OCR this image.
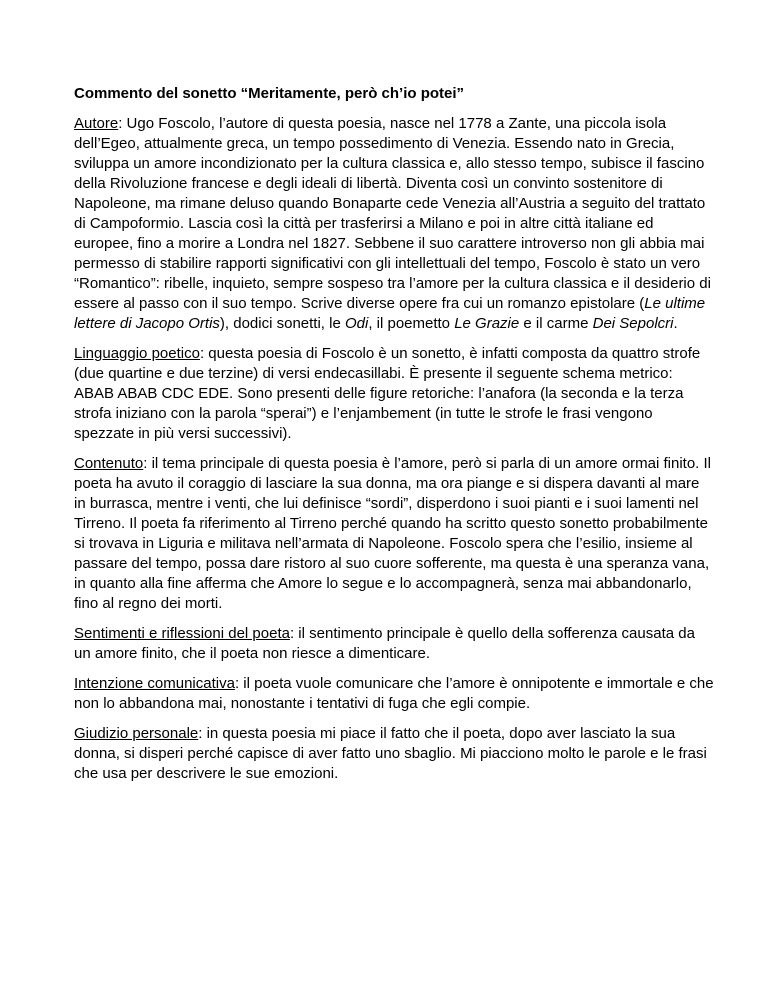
Commento del sonetto “Meritamente, però ch’io potei”
Autore: Ugo Foscolo, l’autore di questa poesia, nasce nel 1778 a Zante, una piccola isola dell’Egeo, attualmente greca, un tempo possedimento di Venezia. Essendo nato in Grecia, sviluppa un amore incondizionato per la cultura classica e, allo stesso tempo, subisce il fascino della Rivoluzione francese e degli ideali di libertà. Diventa così un convinto sostenitore di Napoleone, ma rimane deluso quando Bonaparte cede Venezia all’Austria a seguito del trattato di Campoformio. Lascia così la città per trasferirsi a Milano e poi in altre città italiane ed europee, fino a morire a Londra nel 1827. Sebbene il suo carattere introverso non gli abbia mai permesso di stabilire rapporti significativi con gli intellettuali del tempo, Foscolo è stato un vero “Romantico”: ribelle, inquieto, sempre sospeso tra l’amore per la cultura classica e il desiderio di essere al passo con il suo tempo. Scrive diverse opere fra cui un romanzo epistolare (Le ultime lettere di Jacopo Ortis), dodici sonetti, le Odi, il poemetto Le Grazie e il carme Dei Sepolcri.
Linguaggio poetico: questa poesia di Foscolo è un sonetto, è infatti composta da quattro strofe (due quartine e due terzine) di versi endecasillabi. È presente il seguente schema metrico: ABAB ABAB CDC EDE. Sono presenti delle figure retoriche: l’anafora (la seconda e la terza strofa iniziano con la parola “sperai”) e l’enjambement (in tutte le strofe le frasi vengono spezzate in più versi successivi).
Contenuto: il tema principale di questa poesia è l’amore, però si parla di un amore ormai finito. Il poeta ha avuto il coraggio di lasciare la sua donna, ma ora piange e si dispera davanti al mare in burrasca, mentre i venti, che lui definisce “sordi”, disperdono i suoi pianti e i suoi lamenti nel Tirreno. Il poeta fa riferimento al Tirreno perché quando ha scritto questo sonetto probabilmente si trovava in Liguria e militava nell’armata di Napoleone. Foscolo spera che l’esilio, insieme al passare del tempo, possa dare ristoro al suo cuore sofferente, ma questa è una speranza vana, in quanto alla fine afferma che Amore lo segue e lo accompagnerà, senza mai abbandonarlo, fino al regno dei morti.
Sentimenti e riflessioni del poeta: il sentimento principale è quello della sofferenza causata da un amore finito, che il poeta non riesce a dimenticare.
Intenzione comunicativa: il poeta vuole comunicare che l’amore è onnipotente e immortale e che non lo abbandona mai, nonostante i tentativi di fuga che egli compie.
Giudizio personale: in questa poesia mi piace il fatto che il poeta, dopo aver lasciato la sua donna, si disperi perché capisce di aver fatto uno sbaglio. Mi piacciono molto le parole e le frasi che usa per descrivere le sue emozioni.
